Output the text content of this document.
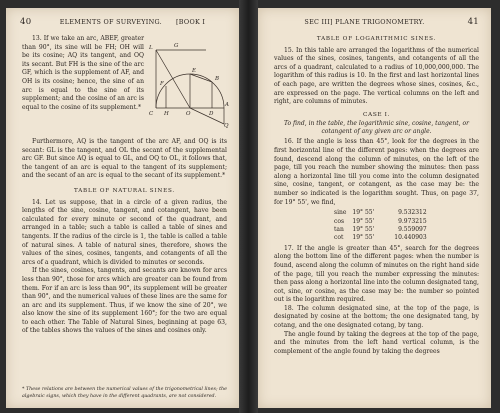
40	ELEMENTS OF SURVEYING. [BOOK I

13. If we take an arc, ABEF, greater than 90°, its sine will be FH; OH will be its cosine; AQ its tangent, and OQ its secant. But FH is the sine of the arc GF, which is the supplement of AF, and OH is its cosine; hence, the sine of an arc is equal to the sine of its supplement; and the cosine of an arc is equal to the cosine of its supplement.*

L	G
E
F
B
H	O	D
A
C
Q

Furthermore, AQ is the tangent of the arc AF, and OQ is its secant: GL is the tangent, and OL the secant of the supplemental arc GF. But since AQ is equal to GL, and OQ to OL, it follows that, the tangent of an arc is equal to the tangent of its supplement; and the secant of an arc is equal to the secant of its supplement.*

TABLE OF NATURAL SINES.

14. Let us suppose, that in a circle of a given radius, the lengths of the sine, cosine, tangent, and cotangent, have been calculated for every minute or second of the quadrant, and arranged in a table; such a table is called a table of sines and tangents. If the radius of the circle is 1, the table is called a table of natural sines. A table of natural sines, therefore, shows the values of the sines, cosines, tangents, and cotangents of all the arcs of a quadrant, which is divided to minutes or seconds.

If the sines, cosines, tangents, and secants are known for arcs less than 90°, those for arcs which are greater can be found from them. For if an arc is less than 90°, its supplement will be greater than 90°, and the numerical values of these lines are the same for an arc and its supplement. Thus, if we know the sine of 20°, we also know the sine of its supplement 160°; for the two are equal to each other. The Table of Natural Sines, beginning at page 63, of the tables shows the values of the sines and cosines only.

* These relations are between the numerical values of the trigonometrical lines; the algebraic signs, which they have in the different quadrants, are not considered.
SEC III] PLANE TRIGONOMETRY.	41
TABLE OF LOGARITHMIC SINES.

15. In this table are arranged the logarithms of the numerical values of the sines, cosines, tangents, and cotangents of all the arcs of a quadrant, calculated to a radius of 10,000,000,000. The logarithm of this radius is 10. In the first and last horizontal lines of each page, are written the degrees whose sines, cosines, &c., are expressed on the page. The vertical columns on the left and right, are columns of minutes.

CASE I.
To find, in the table, the logarithmic sine, cosine, tangent, or cotangent of any given arc or angle.

16. If the angle is less than 45°, look for the degrees in the first horizontal line of the different pages: when the degrees are found, descend along the column of minutes, on the left of the page, till you reach the number showing the minutes: then pass along a horizontal line till you come into the column designated sine, cosine, tangent, or cotangent, as the case may be: the number so indicated is the logarithm sought. Thus, on page 37, for 19° 55', we find,

sine	19° 55'	9.532312
cos	19° 55'	9.973215
tan	19° 55'	9.559097
cot	19° 55'	10.440903

17. If the angle is greater than 45°, search for the degrees along the bottom line of the different pages: when the number is found, ascend along the column of minutes on the right hand side of the page, till you reach the number expressing the minutes: then pass along a horizontal line into the column designated tang, cot, sine, or cosine, as the case may be: the number so pointed out is the logarithm required.

18. The column designated sine, at the top of the page, is designated by cosine at the bottom; the one designated tang, by cotang, and the one designated cotang, by tang.

The angle found by taking the degrees at the top of the page, and the minutes from the left hand vertical column, is the complement of the angle found by taking the degrees
